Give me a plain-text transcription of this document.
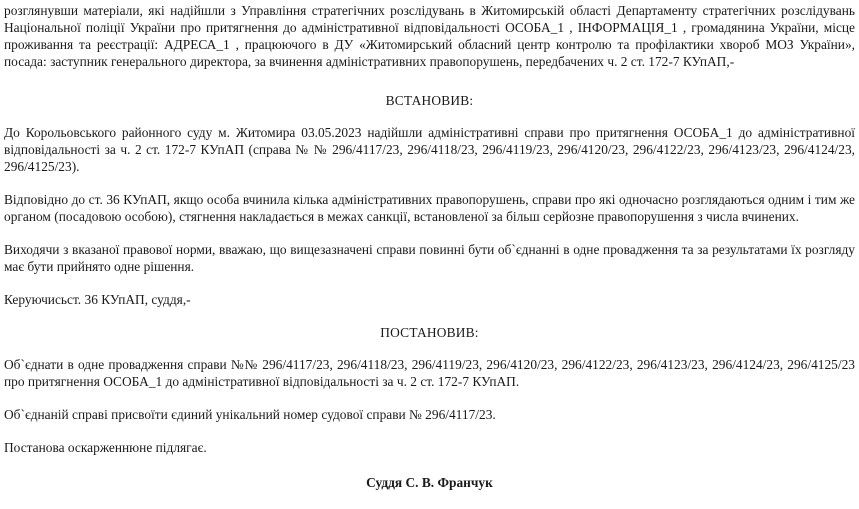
розглянувши матеріали, які надійшли з Управління стратегічних розслідувань в Житомирській області Департаменту стратегічних розслідувань Національної поліції України про притягнення до адміністративної відповідальності ОСОБА_1 , ІНФОРМАЦІЯ_1 , громадянина України, місце проживання та реєстрації: АДРЕСА_1 , працюючого в ДУ «Житомирський обласний центр контролю та профілактики хвороб МОЗ України», посада: заступник генерального директора, за вчинення адміністративних правопорушень, передбачених ч. 2 ст. 172-7 КУпАП,-

ВСТАНОВИВ:

До Корольовського районного суду м. Житомира 03.05.2023 надійшли адміністративні справи про притягнення ОСОБА_1 до адміністративної відповідальності за ч. 2 ст. 172-7 КУпАП (справа № № 296/4117/23, 296/4118/23, 296/4119/23, 296/4120/23, 296/4122/23, 296/4123/23, 296/4124/23, 296/4125/23).

Відповідно до ст. 36 КУпАП, якщо особа вчинила кілька адміністративних правопорушень, справи про які одночасно розглядаються одним і тим же органом (посадовою особою), стягнення накладається в межах санкції, встановленої за більш серйозне правопорушення з числа вчинених.

Виходячи з вказаної правової норми, вважаю, що вищезазначені справи повинні бути об`єднанні в одне провадження та за результатами їх розгляду має бути прийнято одне рішення.

Керуючисьст. 36 КУпАП, суддя,-

ПОСТАНОВИВ:

Об`єднати в одне провадження справи №№ 296/4117/23, 296/4118/23, 296/4119/23, 296/4120/23, 296/4122/23, 296/4123/23, 296/4124/23, 296/4125/23 про притягнення ОСОБА_1 до адміністративної відповідальності за ч. 2 ст. 172-7 КУпАП.

Об`єднаній справі присвоїти єдиний унікальний номер судової справи № 296/4117/23.

Постанова оскарженнюне підлягає.

Суддя С. В. Франчук
